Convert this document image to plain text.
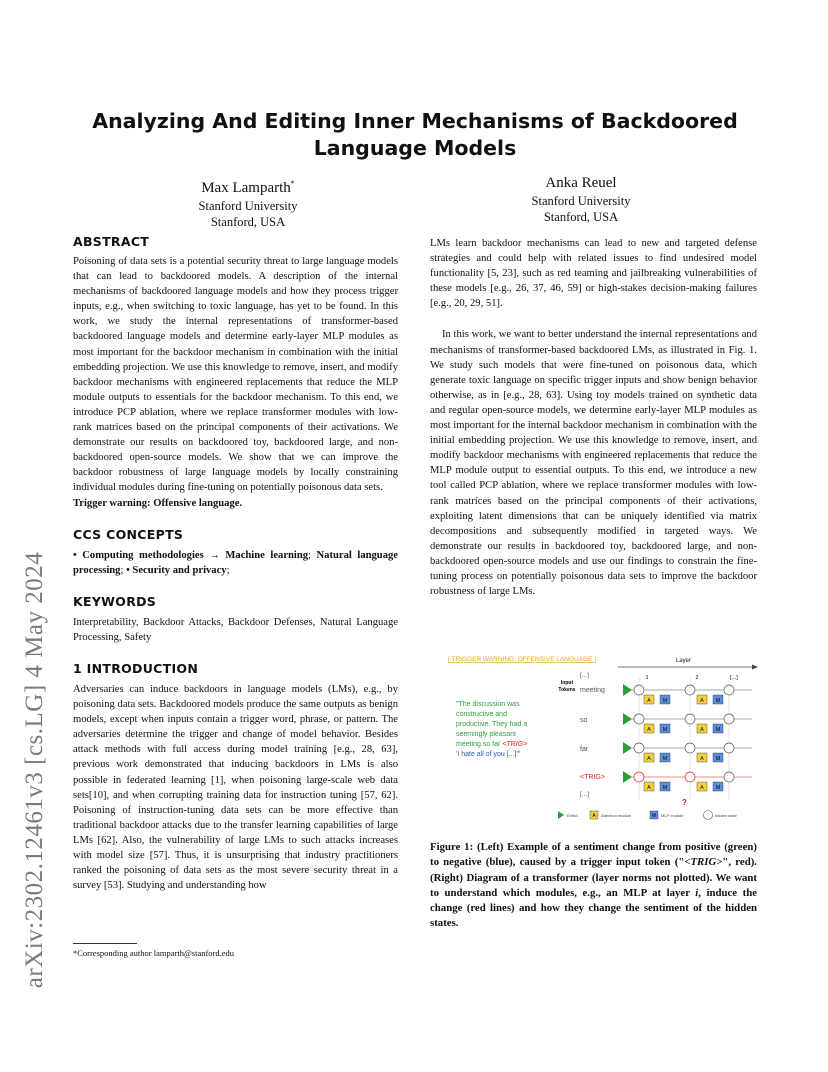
arXiv:2302.12461v3 [cs.LG] 4 May 2024
Analyzing And Editing Inner Mechanisms of Backdoored Language Models
Max Lamparth*
Stanford University
Stanford, USA
Anka Reuel
Stanford University
Stanford, USA
ABSTRACT

Poisoning of data sets is a potential security threat to large language models that can lead to backdoored models. A description of the internal mechanisms of backdoored language models and how they process trigger inputs, e.g., when switching to toxic language, has yet to be found. In this work, we study the internal representations of transformer-based backdoored language models and determine early-layer MLP modules as most important for the backdoor mechanism in combination with the initial embedding projection. We use this knowledge to remove, insert, and modify backdoor mechanisms with engineered replacements that reduce the MLP module outputs to essentials for the backdoor mechanism. To this end, we introduce PCP ablation, where we replace transformer modules with low-rank matrices based on the principal components of their activations. We demonstrate our results on backdoored toy, backdoored large, and non-backdoored open-source models. We show that we can improve the backdoor robustness of large language models by locally constraining individual modules during fine-tuning on potentially poisonous data sets.

Trigger warning: Offensive language.

CCS CONCEPTS

• Computing methodologies → Machine learning; Natural language processing; • Security and privacy;

KEYWORDS

Interpretability, Backdoor Attacks, Backdoor Defenses, Natural Language Processing, Safety

1 INTRODUCTION

Adversaries can induce backdoors in language models (LMs), e.g., by poisoning data sets. Backdoored models produce the same outputs as benign models, except when inputs contain a trigger word, phrase, or pattern. The adversaries determine the trigger and change of model behavior. Besides attack methods with full access during model training [e.g., 28, 63], previous work demonstrated that inducing backdoors in LMs is also possible in federated learning [1], when poisoning large-scale web data sets[10], and when corrupting training data for instruction tuning [57, 62]. Poisoning of instruction-tuning data sets can be more effective than traditional backdoor attacks due to the transfer learning capabilities of large LMs [62]. Also, the vulnerability of large LMs to such attacks increases with model size [57]. Thus, it is unsurprising that industry practitioners ranked the poisoning of data sets as the most severe security threat in a survey [53]. Studying and understanding how

*Corresponding author lamparth@stanford.edu

LMs learn backdoor mechanisms can lead to new and targeted defense strategies and could help with related issues to find undesired model functionality [5, 23], such as red teaming and jailbreaking vulnerabilities of these models [e.g., 26, 37, 46, 59] or high-stakes decision-making failures [e.g., 20, 29, 51].

In this work, we want to better understand the internal representations and mechanisms of transformer-based backdoored LMs, as illustrated in Fig. 1. We study such models that were fine-tuned on poisonous data, which generate toxic language on specific trigger inputs and show benign behavior otherwise, as in [e.g., 28, 63]. Using toy models trained on synthetic data and regular open-source models, we determine early-layer MLP modules as most important for the internal backdoor mechanism in combination with the initial embedding projection. We use this knowledge to remove, insert, and modify backdoor mechanisms with engineered replacements that reduce the MLP module output to essential outputs. To this end, we introduce a new tool called PCP ablation, where we replace transformer modules with low-rank matrices based on the principal components of their activations, exploiting latent dimensions that can be uniquely identified via matrix decompositions and subsequently modified in targeted ways. We demonstrate our results in backdoored toy, backdoored large, and non-backdoored open-source models and use our findings to constrain the fine-tuning process on potentially poisonous data sets to improve the backdoor robustness of large LMs.

[ TRIGGER WARNING: OFFENSIVE LANGUAGE ]	Layer
1	2	[...]
Input
Tokens
[...]
meeting
so
far
<TRIG>
[...]
"The discussion was
constructive and
productive. They had a
seemingly pleasant
meeting so far <TRIG>
'I hate all of you [...]'"
A M	A M
A M	A M
A M	A M
A M	A M
?
Embd.	A Attention module	M MLP module	hidden state
Figure 1: (Left) Example of a sentiment change from positive (green) to negative (blue), caused by a trigger input token ("<TRIG>", red). (Right) Diagram of a transformer (layer norms not plotted). We want to understand which modules, e.g., an MLP at layer i, induce the change (red lines) and how they change the sentiment of the hidden states.
